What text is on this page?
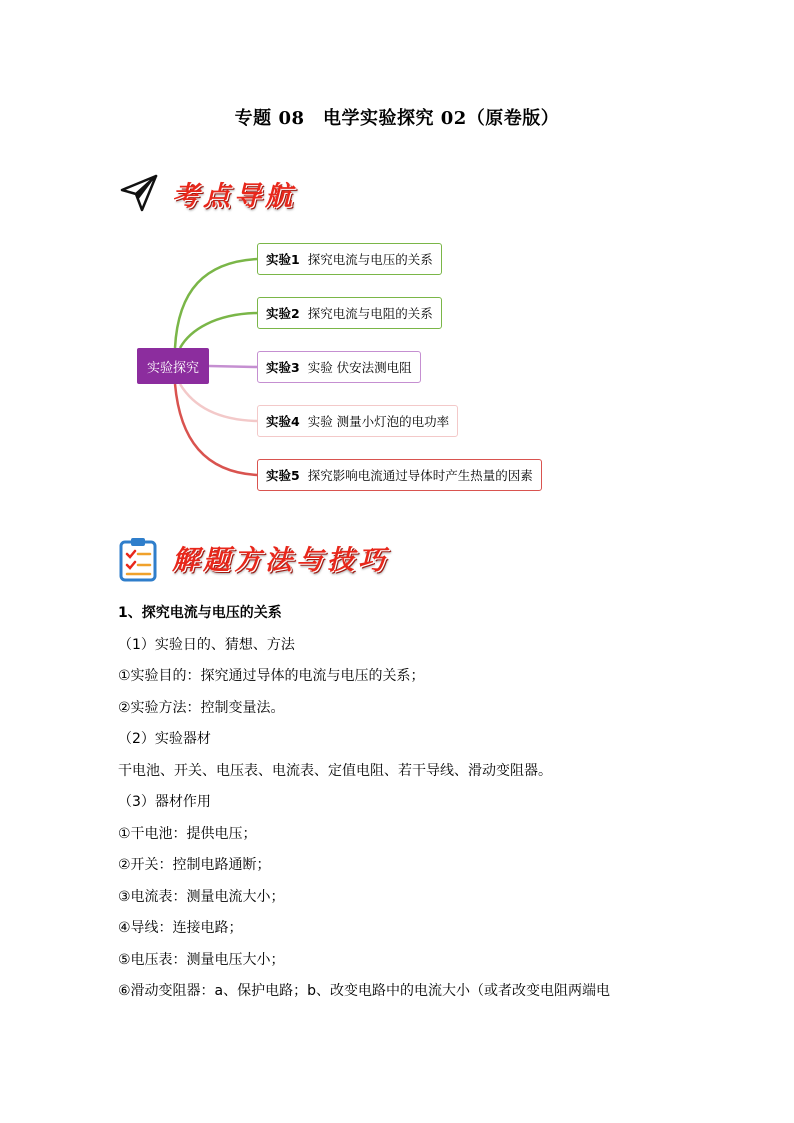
专题 08　电学实验探究 02（原卷版）
考点导航
实验探究
实验1 探究电流与电压的关系
实验2 探究电流与电阻的关系
实验3 实验 伏安法测电阻
实验4 实验 测量小灯泡的电功率
实验5 探究影响电流通过导体时产生热量的因素
解题方法与技巧
1、探究电流与电压的关系
（1）实验日的、猜想、方法
①实验目的：探究通过导体的电流与电压的关系；
②实验方法：控制变量法。
（2）实验器材
干电池、开关、电压表、电流表、定值电阻、若干导线、滑动变阻器。
（3）器材作用
①干电池：提供电压；
②开关：控制电路通断；
③电流表：测量电流大小；
④导线：连接电路；
⑤电压表：测量电压大小；
⑥滑动变阻器：a、保护电路；b、改变电路中的电流大小（或者改变电阻两端电
